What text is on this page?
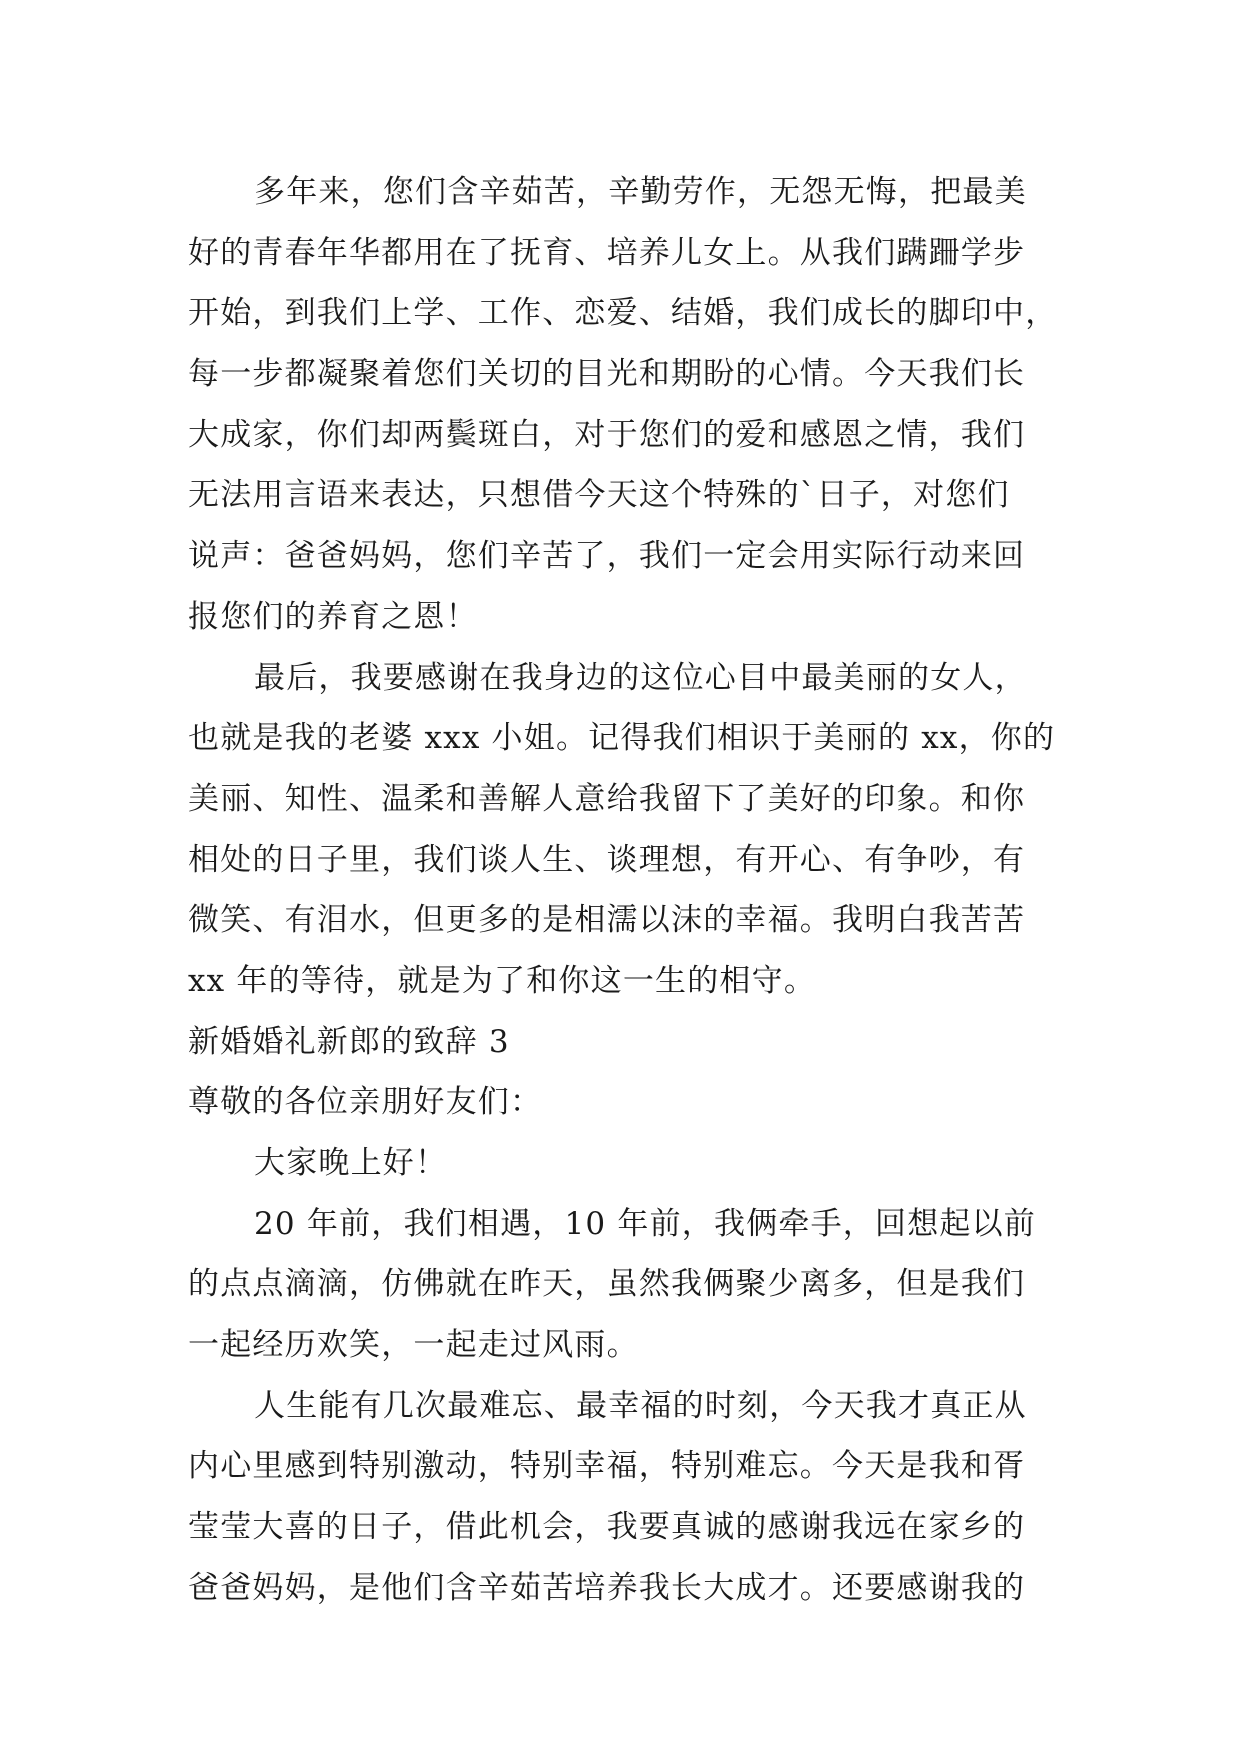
多年来，您们含辛茹苦，辛勤劳作，无怨无悔，把最美
好的青春年华都用在了抚育、培养儿女上。从我们蹒跚学步
开始，到我们上学、工作、恋爱、结婚，我们成长的脚印中，
每一步都凝聚着您们关切的目光和期盼的心情。今天我们长
大成家，你们却两鬓斑白，对于您们的爱和感恩之情，我们
无法用言语来表达，只想借今天这个特殊的`日子，对您们
说声：爸爸妈妈，您们辛苦了，我们一定会用实际行动来回
报您们的养育之恩！
最后，我要感谢在我身边的这位心目中最美丽的女人，
也就是我的老婆 xxx 小姐。记得我们相识于美丽的 xx，你的
美丽、知性、温柔和善解人意给我留下了美好的印象。和你
相处的日子里，我们谈人生、谈理想，有开心、有争吵，有
微笑、有泪水，但更多的是相濡以沫的幸福。我明白我苦苦
xx 年的等待，就是为了和你这一生的相守。
新婚婚礼新郎的致辞 3
尊敬的各位亲朋好友们：
大家晚上好！
20 年前，我们相遇，10 年前，我俩牵手，回想起以前
的点点滴滴，仿佛就在昨天，虽然我俩聚少离多，但是我们
一起经历欢笑，一起走过风雨。
人生能有几次最难忘、最幸福的时刻，今天我才真正从
内心里感到特别激动，特别幸福，特别难忘。今天是我和胥
莹莹大喜的日子，借此机会，我要真诚的感谢我远在家乡的
爸爸妈妈，是他们含辛茹苦培养我长大成才。还要感谢我的
